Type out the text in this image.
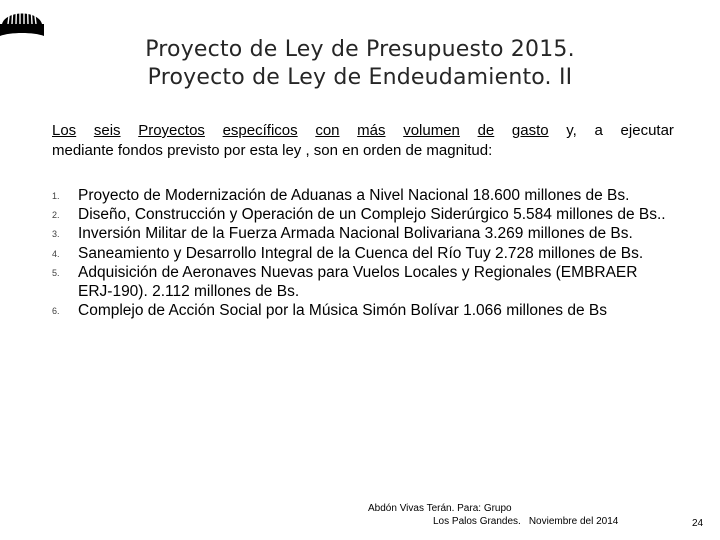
Proyecto de Ley de Presupuesto 2015.
Proyecto de Ley de Endeudamiento. II
Los seis Proyectos específicos con más volumen de gasto y, a ejecutar
mediante fondos previsto por esta ley , son en orden de magnitud:
1. Proyecto de Modernización de Aduanas a Nivel Nacional 18.600 millones de Bs.
2. Diseño, Construcción y Operación de un Complejo Siderúrgico 5.584 millones de Bs..
3. Inversión Militar de la Fuerza Armada Nacional Bolivariana 3.269 millones de Bs.
4. Saneamiento y Desarrollo Integral de la Cuenca del Río Tuy 2.728 millones de Bs.
5. Adquisición de Aeronaves Nuevas para Vuelos Locales y Regionales (EMBRAER ERJ-190). 2.112 millones de Bs.
6. Complejo de Acción Social por la Música Simón Bolívar 1.066 millones de Bs
Abdón Vivas Terán. Para: Grupo
Los Palos Grandes. Noviembre del 2014	24
